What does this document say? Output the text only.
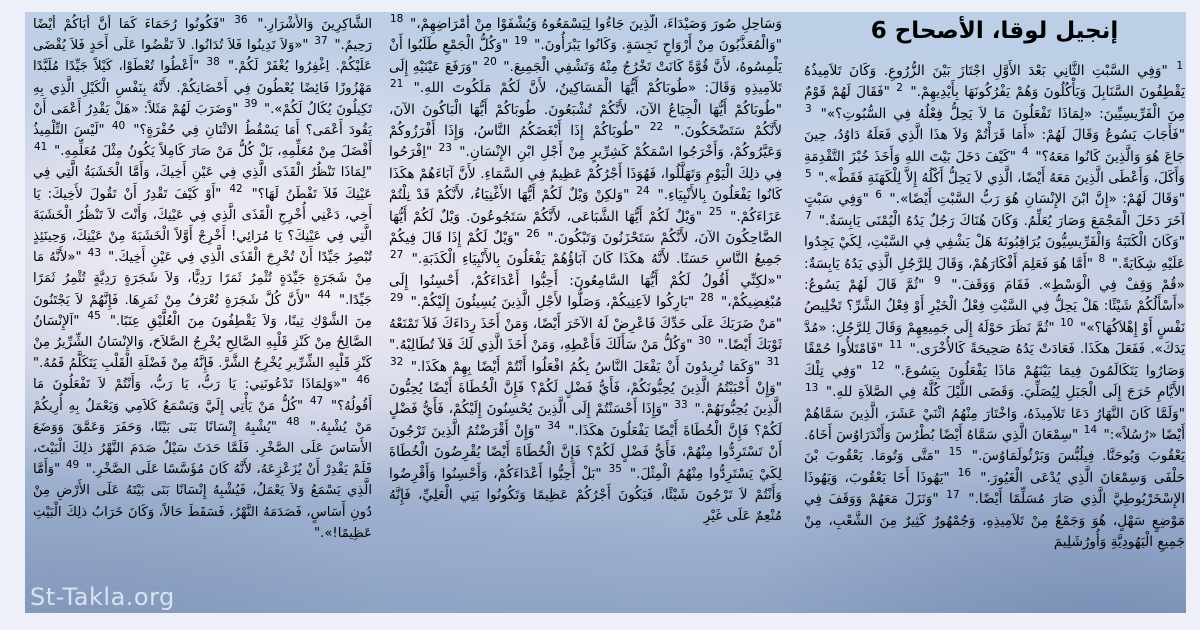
إنجيل لوقا، الأصحاح 6
$^1$ "وَفِي السَّبْتِ الثَّانِي بَعْدَ الأَوَّلِ اجْتَازَ بَيْنَ الزُّرُوعِ. وَكَانَ تَلاَمِيذُهُ يَقْطِفُونَ السَّنَابِلَ وَيَأْكُلُونَ وَهُمْ يَفْرُكُونَهَا بِأَيْدِيهِمْ." $^2$ "فَقَالَ لَهُمْ قَوْمٌ مِنَ الْفَرِّيسِيِّينَ: «لِمَاذَا تَفْعَلُونَ مَا لاَ يَحِلُّ فِعْلُهُ فِي السُّبُوتِ؟»" $^3$ "فَأَجَابَ يَسُوعُ وَقَالَ لَهُمْ: «أَمَا قَرَأْتُمْ وَلاَ هذَا الَّذِي فَعَلَهُ دَاوُدُ، حِينَ جَاعَ هُوَ وَالَّذِينَ كَانُوا مَعَهُ؟" $^4$ "كَيْفَ دَخَلَ بَيْتَ اللهِ وَأَخَذَ خُبْزَ التَّقْدِمَةِ وَأَكَلَ، وَأَعْطَى الَّذِينَ مَعَهُ أَيْضًا، الَّذِي لاَ يَحِلُّ أَكْلُهُ إِلاَّ لِلْكَهَنَةِ فَقَطْ»." $^5$ "وَقَالَ لَهُمْ: «إِنَّ ابْنَ الإِنْسَانِ هُوَ رَبُّ السَّبْتِ أَيْضًا»." $^6$ "وَفِي سَبْتٍ آخَرَ دَخَلَ الْمَجْمَعَ وَصَارَ يُعَلِّمُ. وَكَانَ هُنَاكَ رَجُلٌ يَدُهُ الْيُمْنَى يَابِسَةٌ." $^7$ "وَكَانَ الْكَتَبَةُ وَالْفَرِّيسِيُّونَ يُرَاقِبُونَهُ هَلْ يَشْفِي فِي السَّبْتِ، لِكَيْ يَجِدُوا عَلَيْهِ شِكَايَةً." $^8$ "أَمَّا هُوَ فَعَلِمَ أَفْكَارَهُمْ، وَقَالَ لِلرَّجُلِ الَّذِي يَدُهُ يَابِسَةٌ: «قُمْ وَقِفْ فِي الْوَسْطِ». فَقَامَ وَوَقَفَ." $^9$ "ثُمَّ قَالَ لَهُمْ يَسُوعُ: «أَسْأَلُكُمْ شَيْئًا: هَلْ يَحِلُّ فِي السَّبْتِ فِعْلُ الْخَيْرِ أَوْ فِعْلُ الشَّرِّ؟ تَخْلِيصُ نَفْسٍ أَوْ إِهْلاَكُهَا؟»" $^{10}$ "ثُمَّ نَظَرَ حَوْلَهُ إِلَى جَمِيعِهِمْ وَقَالَ لِلرَّجُلِ: «مُدَّ يَدَكَ». فَفَعَلَ هكَذَا. فَعَادَتْ يَدُهُ صَحِيحَةً كَالأُخْرَى." $^{11}$ "فَامْتَلأُوا حُمْقًا وَصَارُوا يَتَكَالَمُونَ فِيمَا بَيْنَهُمْ مَاذَا يَفْعَلُونَ بِيَسُوعَ." $^{12}$ "وَفِي تِلْكَ الأَيَّامِ خَرَجَ إِلَى الْجَبَلِ لِيُصَلِّيَ. وَقَضَى اللَّيْلَ كُلَّهُ فِي الصَّلاَةِ للهِ." $^{13}$ "وَلَمَّا كَانَ النَّهَارُ دَعَا تَلاَمِيذَهُ، وَاخْتَارَ مِنْهُمُ اثْنَيْ عَشَرَ، الَّذِينَ سَمَّاهُمْ أَيْضًا «رُسُلاً»:" $^{14}$ "سِمْعَانَ الَّذِي سَمَّاهُ أَيْضًا بُطْرُسَ وَأَنْدَرَاوُسَ أَخَاهُ. يَعْقُوبَ وَيُوحَنَّا. فِيلُبُّسَ وَبَرْثُولَمَاوُسَ." $^{15}$ "مَتَّى وَتُومَا. يَعْقُوبَ بْنَ حَلْفَى وَسِمْعَانَ الَّذِي يُدْعَى الْغَيُورَ." $^{16}$ "يَهُوذَا أَخَا يَعْقُوبَ، وَيَهُوذَا الإِسْخَرْيُوطِيَّ الَّذِي صَارَ مُسَلِّمًا أَيْضًا." $^{17}$ "وَنَزَلَ مَعَهُمْ وَوَقَفَ فِي مَوْضِعٍ سَهْلٍ، هُوَ وَجَمْعٌ مِنْ تَلاَمِيذِهِ، وَجُمْهُورٌ كَثِيرٌ مِنَ الشَّعْبِ، مِنْ جَمِيعِ الْيَهُودِيَّةِ وَأُورُشَلِيمَ
وَسَاحِلِ صُورَ وَصَيْدَاءَ، الَّذِينَ جَاءُوا لِيَسْمَعُوهُ وَيُشْفَوْا مِنْ أَمْرَاضِهِمْ،" $^{18}$ "وَالْمُعَذَّبُونَ مِنْ أَرْوَاحٍ نَجِسَةٍ. وَكَانُوا يَبْرَأُونَ." $^{19}$ "وَكُلُّ الْجَمْعِ طَلَبُوا أَنْ يَلْمِسُوهُ، لأَنَّ قُوَّةً كَانَتْ تَخْرُجُ مِنْهُ وَتَشْفِي الْجَمِيعَ." $^{20}$ "وَرَفَعَ عَيْنَيْهِ إِلَى تَلاَمِيذِهِ وَقَالَ: «طُوبَاكُمْ أَيُّهَا الْمَسَاكِينُ، لأَنَّ لَكُمْ مَلَكُوتَ اللهِ." $^{21}$ "طُوبَاكُمْ أَيُّهَا الْجِيَاعُ الآنَ، لأَنَّكُمْ تُشْبَعُونَ. طُوبَاكُمْ أَيُّهَا الْبَاكُونَ الآنَ، لأَنَّكُمْ سَتَضْحَكُونَ." $^{22}$ "طُوبَاكُمْ إِذَا أَبْغَضَكُمُ النَّاسُ، وَإِذَا أَفْرَزُوكُمْ وَعَيَّرُوكُمْ، وَأَخْرَجُوا اسْمَكُمْ كَشِرِّيرٍ مِنْ أَجْلِ ابْنِ الإِنْسَانِ." $^{23}$ "اِفْرَحُوا فِي ذلِكَ الْيَوْمِ وَتَهَلَّلُوا، فَهُوَذَا أَجْرُكُمْ عَظِيمٌ فِي السَّمَاءِ. لأَنَّ آبَاءَهُمْ هكَذَا كَانُوا يَفْعَلُونَ بِالأَنْبِيَاءِ." $^{24}$ "وَلكِنْ وَيْلٌ لَكُمْ أَيُّهَا الأَغْنِيَاءُ، لأَنَّكُمْ قَدْ نِلْتُمْ عَزَاءَكُمْ." $^{25}$ "وَيْلٌ لَكُمْ أَيُّهَا الشَّبَاعَى، لأَنَّكُمْ سَتَجُوعُونَ. وَيْلٌ لَكُمْ أَيُّهَا الضَّاحِكُونَ الآنَ، لأَنَّكُمْ سَتَحْزَنُونَ وَتَبْكُونَ." $^{26}$ "وَيْلٌ لَكُمْ إِذَا قَالَ فِيكُمْ جَمِيعُ النَّاسِ حَسَنًا. لأَنَّهُ هكَذَا كَانَ آبَاؤُهُمْ يَفْعَلُونَ بِالأَنْبِيَاءِ الْكَذَبَةِ." $^{27}$ "«لكِنِّي أَقُولُ لَكُمْ أَيُّهَا السَّامِعُونَ: أَحِبُّوا أَعْدَاءَكُمْ، أَحْسِنُوا إِلَى مُبْغِضِيكُمْ،" $^{28}$ "بَارِكُوا لاَعِنِيكُمْ، وَصَلُّوا لأَجْلِ الَّذِينَ يُسِيئُونَ إِلَيْكُمْ." $^{29}$ "مَنْ ضَرَبَكَ عَلَى خَدِّكَ فَاعْرِضْ لَهُ الآخَرَ أَيْضًا، وَمَنْ أَخَذَ رِدَاءَكَ فَلاَ تَمْنَعْهُ ثَوْبَكَ أَيْضًا." $^{30}$ "وَكُلُّ مَنْ سَأَلَكَ فَأَعْطِهِ، وَمَنْ أَخَذَ الَّذِي لَكَ فَلاَ تُطَالِبْهُ." $^{31}$ "وَكَمَا تُرِيدُونَ أَنْ يَفْعَلَ النَّاسُ بِكُمُ افْعَلُوا أَنْتُمْ أَيْضًا بِهِمْ هكَذَا." $^{32}$ "وَإِنْ أَحْبَبْتُمُ الَّذِينَ يُحِبُّونَكُمْ، فَأَيُّ فَضْلٍ لَكُمْ؟ فَإِنَّ الْخُطَاةَ أَيْضًا يُحِبُّونَ الَّذِينَ يُحِبُّونَهُمْ." $^{33}$ "وَإِذَا أَحْسَنْتُمْ إِلَى الَّذِينَ يُحْسِنُونَ إِلَيْكُمْ، فَأَيُّ فَضْلٍ لَكُمْ؟ فَإِنَّ الْخُطَاةَ أَيْضًا يَفْعَلُونَ هكَذَا." $^{34}$ "وَإِنْ أَقْرَضْتُمُ الَّذِينَ تَرْجُونَ أَنْ تَسْتَرِدُّوا مِنْهُمْ، فَأَيُّ فَضْلٍ لَكُمْ؟ فَإِنَّ الْخُطَاةَ أَيْضًا يُقْرِضُونَ الْخُطَاةَ لِكَيْ يَسْتَرِدُّوا مِنْهُمُ الْمِثْلَ." $^{35}$ "بَلْ أَحِبُّوا أَعْدَاءَكُمْ، وَأَحْسِنُوا وَأَقْرِضُوا وَأَنْتُمْ لاَ تَرْجُونَ شَيْئًا، فَيَكُونَ أَجْرُكُمْ عَظِيمًا وَتَكُونُوا بَنِي الْعَلِيِّ، فَإِنَّهُ مُنْعِمٌ عَلَى غَيْرِ
الشَّاكِرِينَ وَالأَشْرَارِ." $^{36}$ "فَكُونُوا رُحَمَاءَ كَمَا أَنَّ أَبَاكُمْ أَيْضًا رَحِيمٌ." $^{37}$ "«وَلاَ تَدِينُوا فَلاَ تُدَانُوا. لاَ تَقْضُوا عَلَى أَحَدٍ فَلاَ يُقْضَى عَلَيْكُمْ. اِغْفِرُوا يُغْفَرْ لَكُمْ." $^{38}$ "أَعْطُوا تُعْطَوْا، كَيْلاً جَيِّدًا مُلَبَّدًا مَهْزُوزًا فَائِضًا يُعْطُونَ فِي أَحْضَانِكُمْ. لأَنَّهُ بِنَفْسِ الْكَيْلِ الَّذِي بِهِ تَكِيلُونَ يُكَالُ لَكُمْ»." $^{39}$ "وَضَرَبَ لَهُمْ مَثَلاً: «هَلْ يَقْدِرُ أَعْمَى أَنْ يَقُودَ أَعْمَى؟ أَمَا يَسْقُطُ الاثْنَانِ فِي حُفْرَةٍ؟" $^{40}$ "لَيْسَ التِّلْمِيذُ أَفْضَلَ مِنْ مُعَلِّمِهِ، بَلْ كُلُّ مَنْ صَارَ كَامِلاً يَكُونُ مِثْلَ مُعَلِّمِهِ." $^{41}$ "لِمَاذَا تَنْظُرُ الْقَذَى الَّذِي فِي عَيْنِ أَخِيكَ، وَأَمَّا الْخَشَبَةُ الَّتِي فِي عَيْنِكَ فَلاَ تَفْطَنُ لَهَا؟" $^{42}$ "أَوْ كَيْفَ تَقْدِرُ أَنْ تَقُولَ لأَخِيكَ: يَا أَخِي، دَعْنِي أُخْرِجِ الْقَذَى الَّذِي فِي عَيْنِكَ، وَأَنْتَ لاَ تَنْظُرُ الْخَشَبَةَ الَّتِي فِي عَيْنِكَ؟ يَا مُرَائِي! أَخْرِجْ أَوَّلاً الْخَشَبَةَ مِنْ عَيْنِكَ، وَحِينَئِذٍ تُبْصِرُ جَيِّدًا أَنْ تُخْرِجَ الْقَذَى الَّذِي فِي عَيْنِ أَخِيكَ." $^{43}$ "«لأَنَّهُ مَا مِنْ شَجَرَةٍ جَيِّدَةٍ تُثْمِرُ ثَمَرًا رَدِيًّا، وَلاَ شَجَرَةٍ رَدِيَّةٍ تُثْمِرُ ثَمَرًا جَيِّدًا." $^{44}$ "لأَنَّ كُلَّ شَجَرَةٍ تُعْرَفُ مِنْ ثَمَرِهَا. فَإِنَّهُمْ لاَ يَجْتَنُونَ مِنَ الشَّوْكِ تِينًا، وَلاَ يَقْطِفُونَ مِنَ الْعُلَّيْقِ عِنَبًا." $^{45}$ "اَلإِنْسَانُ الصَّالِحُ مِنْ كَنْزِ قَلْبِهِ الصَّالِحِ يُخْرِجُ الصَّلاَحَ، وَالإِنْسَانُ الشِّرِّيرُ مِنْ كَنْزِ قَلْبِهِ الشِّرِّيرِ يُخْرِجُ الشَّرَّ. فَإِنَّهُ مِنْ فَضْلَةِ الْقَلْبِ يَتَكَلَّمُ فَمُهُ." $^{46}$ "«وَلِمَاذَا تَدْعُونَنِي: يَا رَبُّ، يَا رَبُّ، وَأَنْتُمْ لاَ تَفْعَلُونَ مَا أَقُولُهُ؟" $^{47}$ "كُلُّ مَنْ يَأْتِي إِلَيَّ وَيَسْمَعُ كَلاَمِي وَيَعْمَلُ بِهِ أُرِيكُمْ مَنْ يُشْبِهُ." $^{48}$ "يُشْبِهُ إِنْسَانًا بَنَى بَيْتًا، وَحَفَرَ وَعَمَّقَ وَوَضَعَ الأَسَاسَ عَلَى الصَّخْرِ. فَلَمَّا حَدَثَ سَيْلٌ صَدَمَ النَّهْرُ ذلِكَ الْبَيْتَ، فَلَمْ يَقْدِرْ أَنْ يُزَعْزِعَهُ، لأَنَّهُ كَانَ مُؤَسَّسًا عَلَى الصَّخْرِ." $^{49}$ "وَأَمَّا الَّذِي يَسْمَعُ وَلاَ يَعْمَلُ، فَيُشْبِهُ إِنْسَانًا بَنَى بَيْتَهُ عَلَى الأَرْضِ مِنْ دُونِ أَسَاسٍ، فَصَدَمَهُ النَّهْرُ، فَسَقَطَ حَالاً، وَكَانَ خَرَابُ ذلِكَ الْبَيْتِ عَظِيمًا!»."
St-Takla.org
